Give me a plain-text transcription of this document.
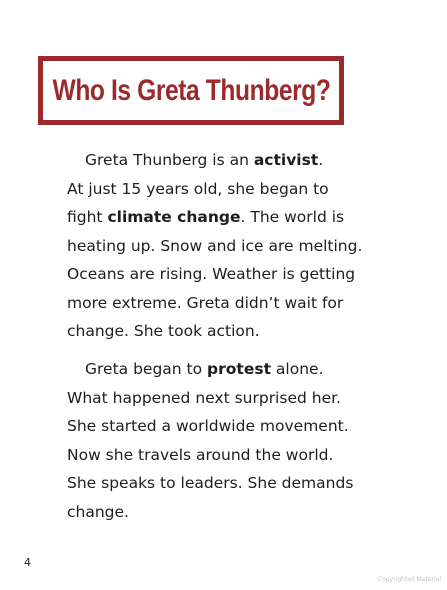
Who Is Greta Thunberg?

Greta Thunberg is an activist.
At just 15 years old, she began to
fight climate change. The world is
heating up. Snow and ice are melting.
Oceans are rising. Weather is getting
more extreme. Greta didn’t wait for
change. She took action.

Greta began to protest alone.
What happened next surprised her.
She started a worldwide movement.
Now she travels around the world.
She speaks to leaders. She demands
change.

4
Copyrighted Material
